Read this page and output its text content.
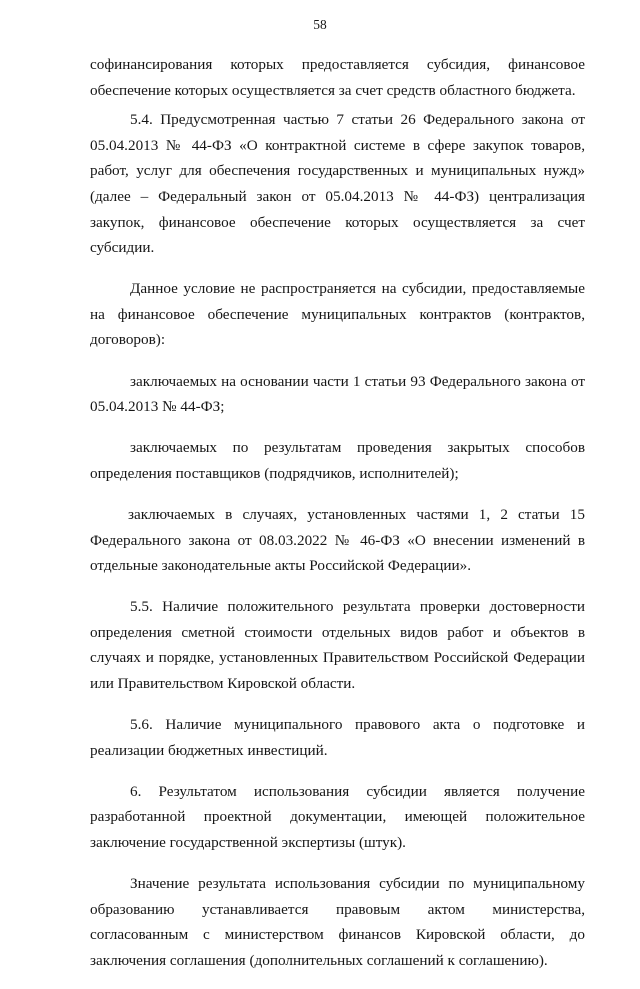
58

софинансирования которых предоставляется субсидия, финансовое обеспечение которых осуществляется за счет средств областного бюджета.

5.4. Предусмотренная частью 7 статьи 26 Федерального закона от 05.04.2013 № 44-ФЗ «О контрактной системе в сфере закупок товаров, работ, услуг для обеспечения государственных и муниципальных нужд» (далее – Федеральный закон от 05.04.2013 № 44-ФЗ) централизация закупок, финансовое обеспечение которых осуществляется за счет субсидии.

Данное условие не распространяется на субсидии, предоставляемые на финансовое обеспечение муниципальных контрактов (контрактов, договоров):

заключаемых на основании части 1 статьи 93 Федерального закона от 05.04.2013 № 44-ФЗ;

заключаемых по результатам проведения закрытых способов определения поставщиков (подрядчиков, исполнителей);

заключаемых в случаях, установленных частями 1, 2 статьи 15 Федерального закона от 08.03.2022 № 46-ФЗ «О внесении изменений в отдельные законодательные акты Российской Федерации».

5.5. Наличие положительного результата проверки достоверности определения сметной стоимости отдельных видов работ и объектов в случаях и порядке, установленных Правительством Российской Федерации или Правительством Кировской области.

5.6. Наличие муниципального правового акта о подготовке и реализации бюджетных инвестиций.

6. Результатом использования субсидии является получение разработанной проектной документации, имеющей положительное заключение государственной экспертизы (штук).

Значение результата использования субсидии по муниципальному образованию устанавливается правовым актом министерства, согласованным с министерством финансов Кировской области, до заключения соглашения (дополнительных соглашений к соглашению).
